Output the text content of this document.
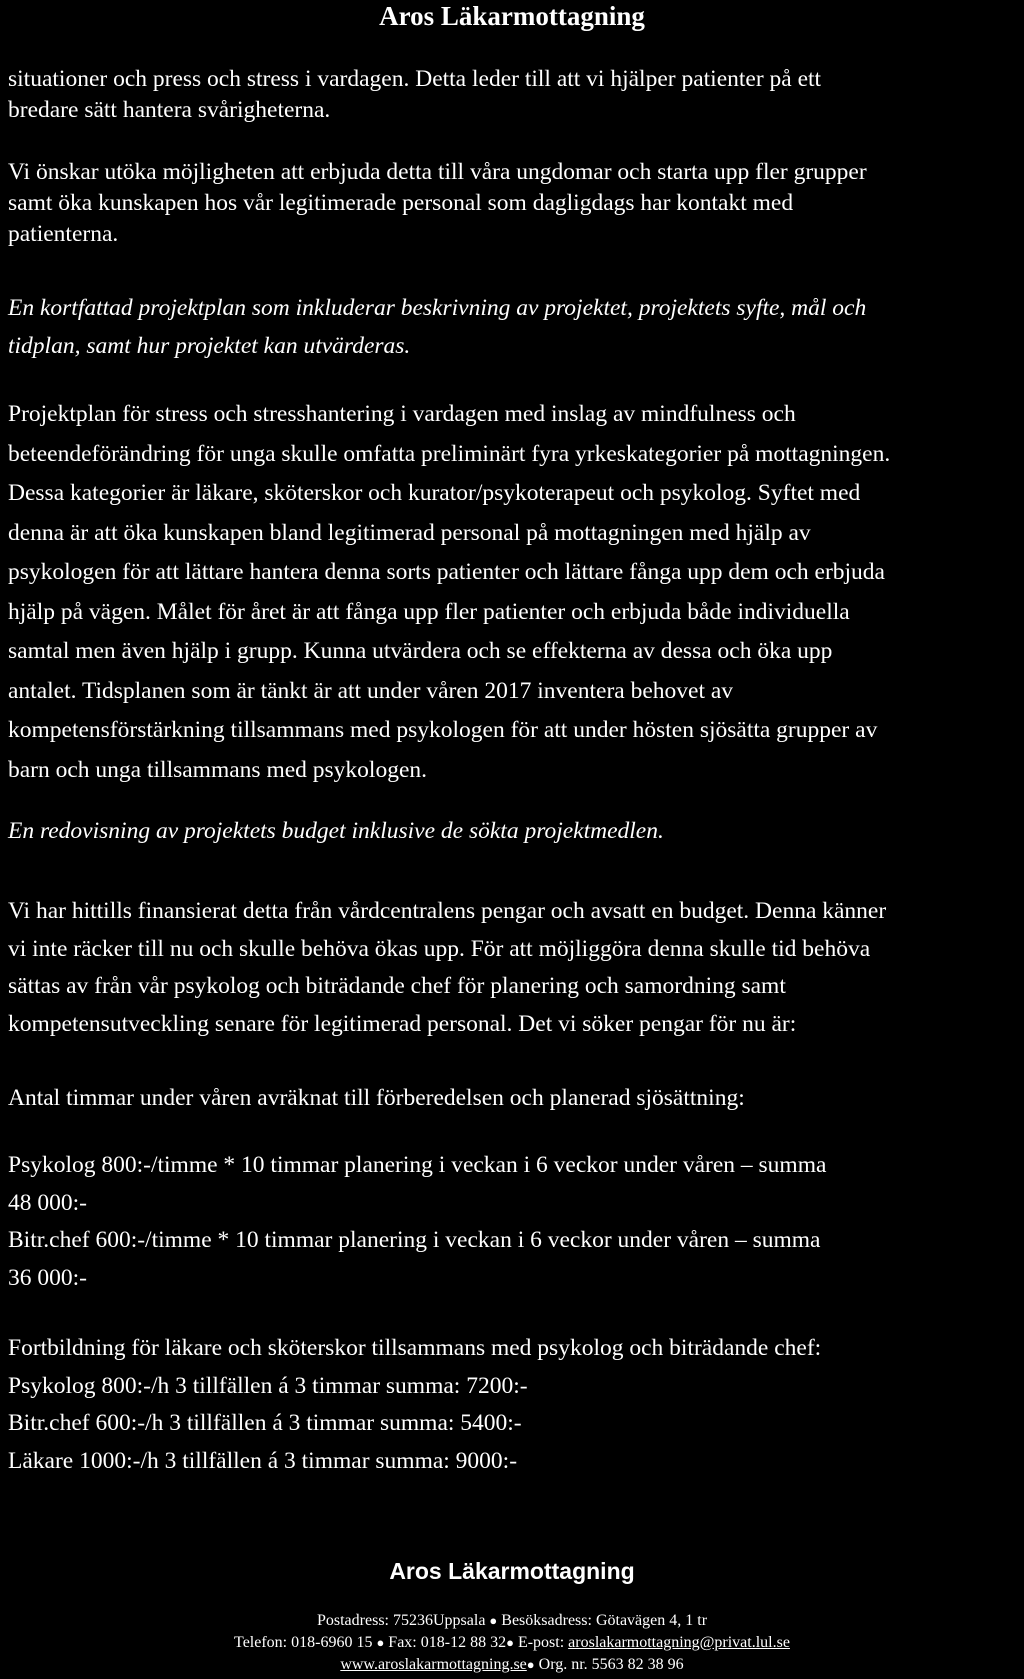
Aros Läkarmottagning

situationer och press och stress i vardagen. Detta leder till att vi hjälper patienter på ett
bredare sätt hantera svårigheterna.

Vi önskar utöka möjligheten att erbjuda detta till våra ungdomar och starta upp fler grupper
samt öka kunskapen hos vår legitimerade personal som dagligdags har kontakt med
patienterna.

En kortfattad projektplan som inkluderar beskrivning av projektet, projektets syfte, mål och
tidplan, samt hur projektet kan utvärderas.

Projektplan för stress och stresshantering i vardagen med inslag av mindfulness och
beteendeförändring för unga skulle omfatta preliminärt fyra yrkeskategorier på mottagningen.
Dessa kategorier är läkare, sköterskor och kurator/psykoterapeut och psykolog. Syftet med
denna är att öka kunskapen bland legitimerad personal på mottagningen med hjälp av
psykologen för att lättare hantera denna sorts patienter och lättare fånga upp dem och erbjuda
hjälp på vägen. Målet för året är att fånga upp fler patienter och erbjuda både individuella
samtal men även hjälp i grupp. Kunna utvärdera och se effekterna av dessa och öka upp
antalet. Tidsplanen som är tänkt är att under våren 2017 inventera behovet av
kompetensförstärkning tillsammans med psykologen för att under hösten sjösätta grupper av
barn och unga tillsammans med psykologen.

En redovisning av projektets budget inklusive de sökta projektmedlen.

Vi har hittills finansierat detta från vårdcentralens pengar och avsatt en budget. Denna känner
vi inte räcker till nu och skulle behöva ökas upp. För att möjliggöra denna skulle tid behöva
sättas av från vår psykolog och biträdande chef för planering och samordning samt
kompetensutveckling senare för legitimerad personal. Det vi söker pengar för nu är:

Antal timmar under våren avräknat till förberedelsen och planerad sjösättning:

Psykolog 800:-/timme * 10 timmar planering i veckan i 6 veckor under våren – summa
48 000:-
Bitr.chef 600:-/timme * 10 timmar planering i veckan i 6 veckor under våren – summa
36 000:-

Fortbildning för läkare och sköterskor tillsammans med psykolog och biträdande chef:
Psykolog 800:-/h 3 tillfällen á 3 timmar summa: 7200:-
Bitr.chef 600:-/h 3 tillfällen á 3 timmar summa: 5400:-
Läkare 1000:-/h 3 tillfällen á 3 timmar summa: 9000:-

Aros Läkarmottagning
Postadress: 75236Uppsala ● Besöksadress: Götavägen 4, 1 tr
Telefon: 018-6960 15 ● Fax: 018-12 88 32● E-post: aroslakarmottagning@privat.lul.se
www.aroslakarmottagning.se● Org. nr. 5563 82 38 96
